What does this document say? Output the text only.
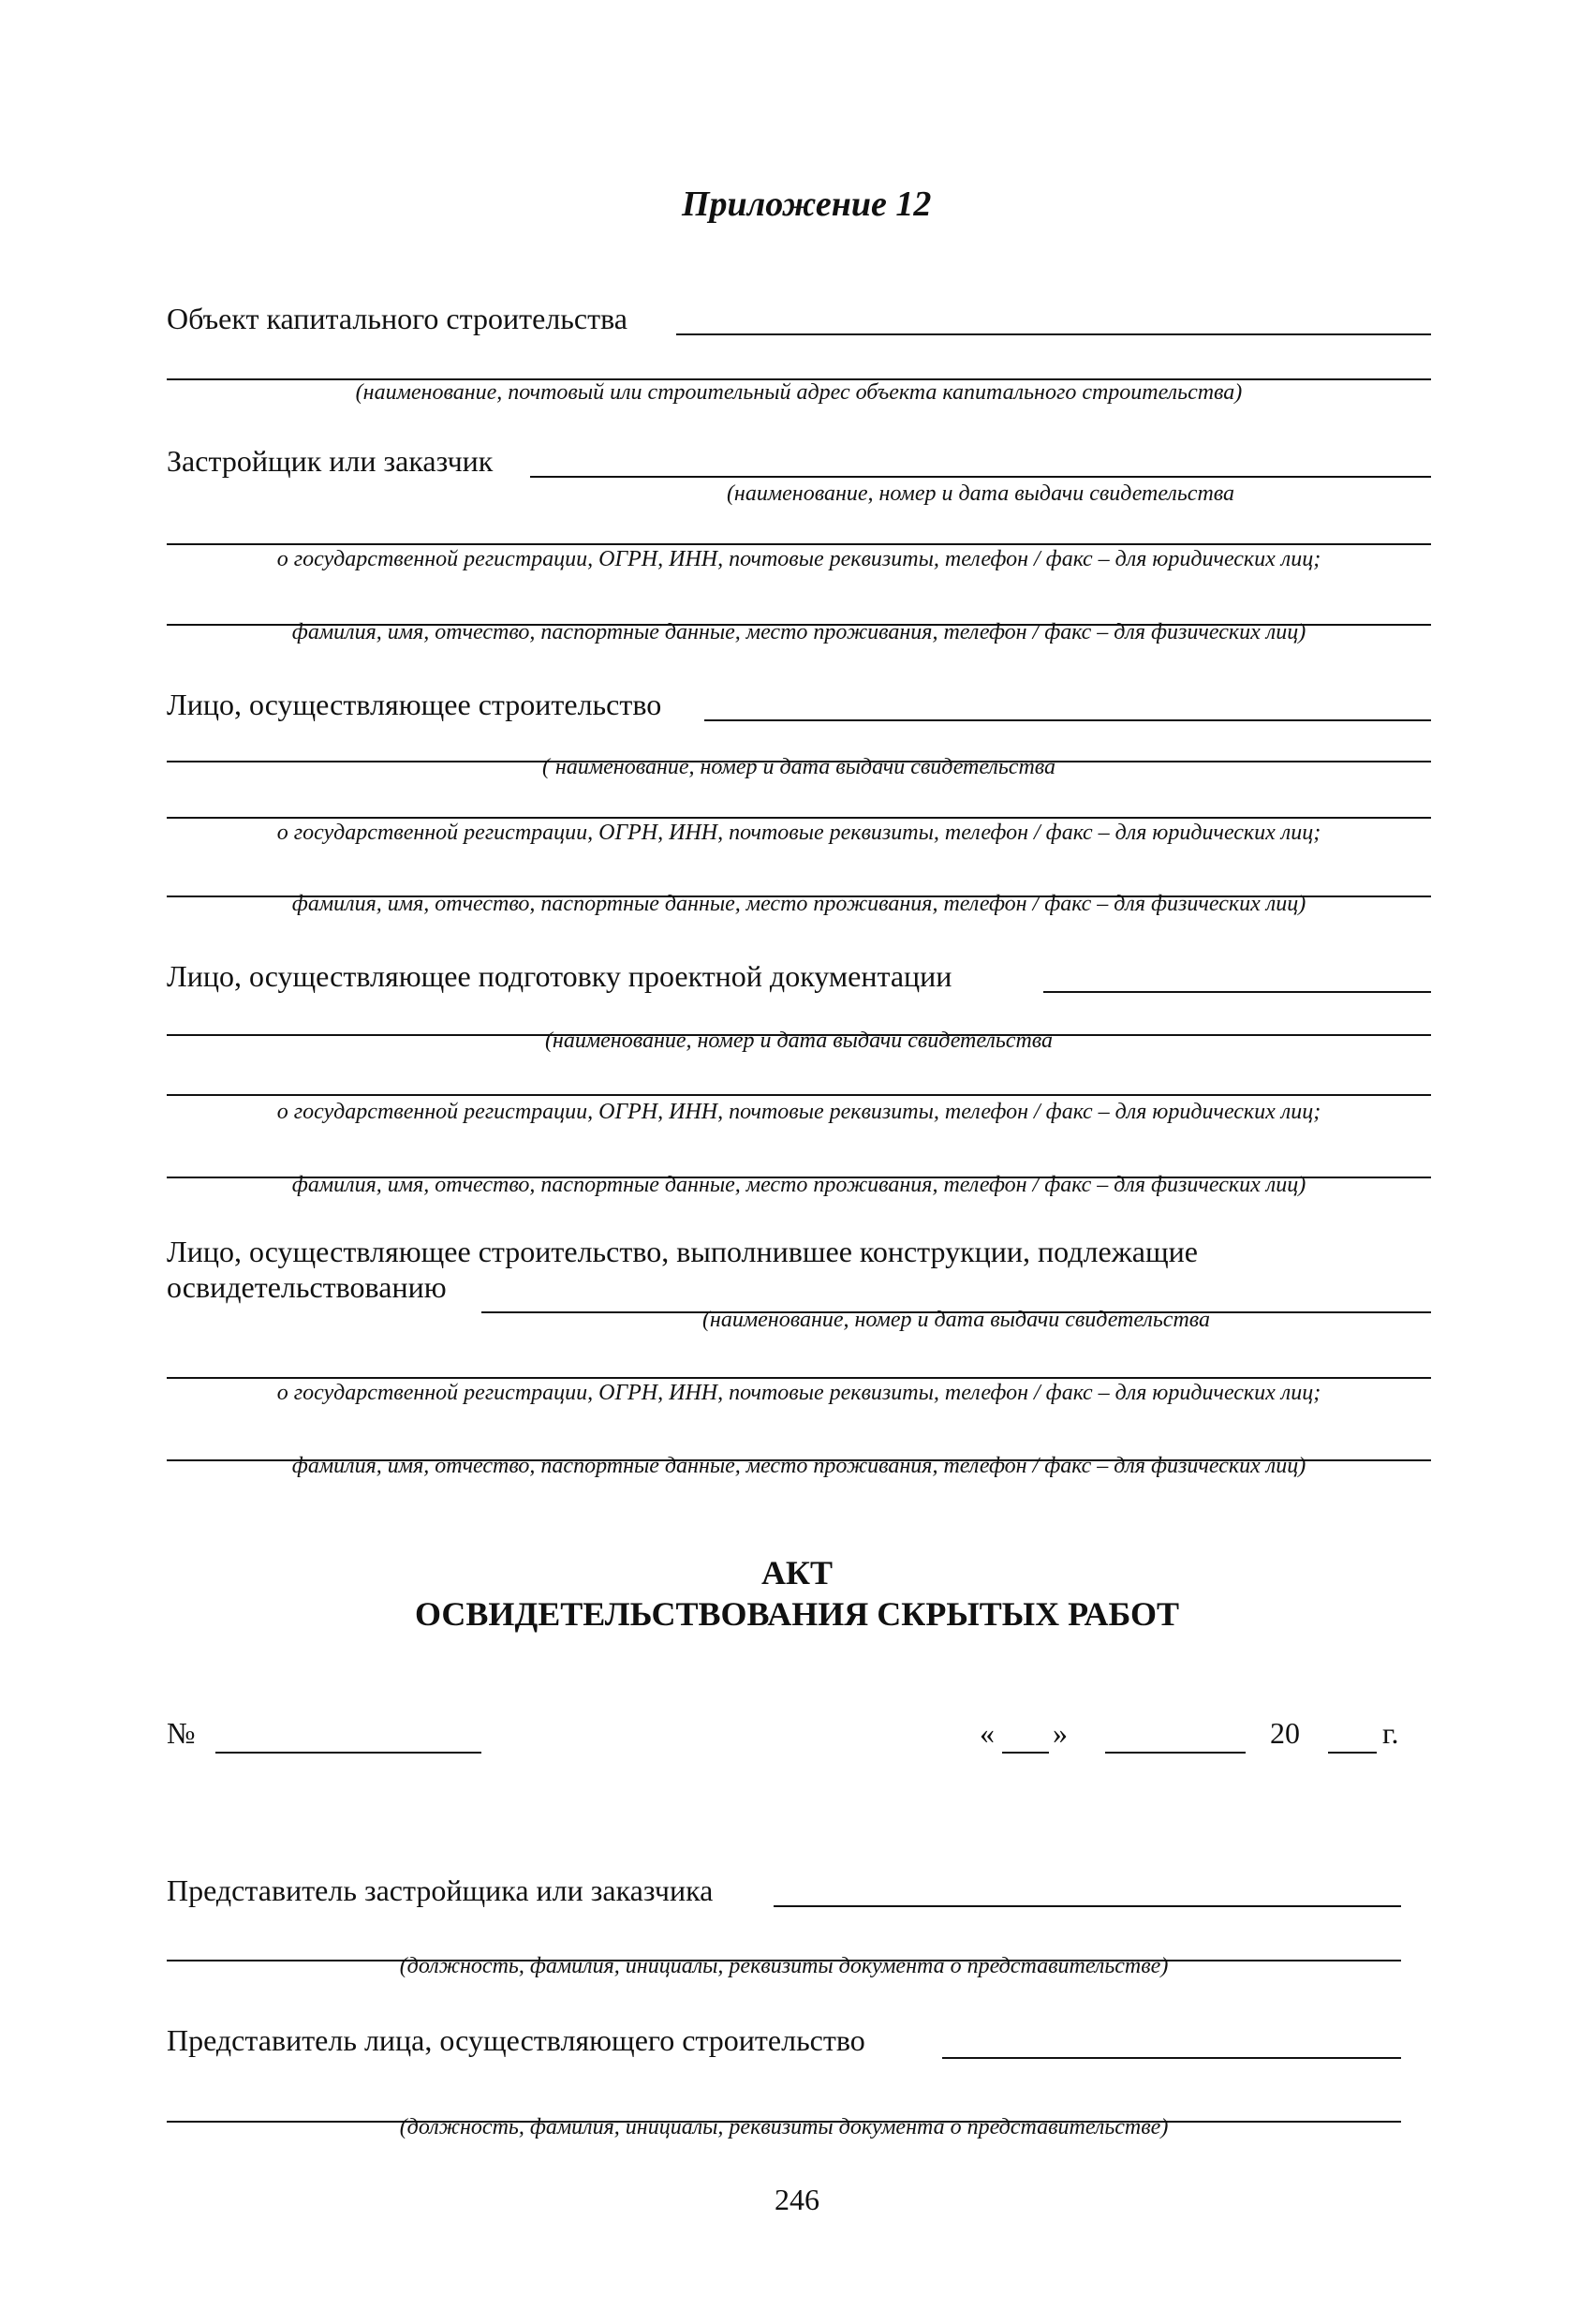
Приложение 12
Объект капитального строительства
(наименование, почтовый или строительный адрес объекта капитального строительства)
Застройщик или заказчик
(наименование, номер и дата выдачи свидетельства
о государственной регистрации, ОГРН, ИНН, почтовые реквизиты, телефон / факс – для юридических лиц;
фамилия, имя, отчество, паспортные данные, место проживания, телефон / факс – для физических лиц)
Лицо, осуществляющее строительство
( наименование, номер и дата выдачи свидетельства
о государственной регистрации, ОГРН, ИНН, почтовые реквизиты, телефон / факс – для юридических лиц;
фамилия, имя, отчество, паспортные данные, место проживания, телефон / факс – для физических лиц)
Лицо, осуществляющее подготовку проектной документации
(наименование, номер и дата выдачи свидетельства
о государственной регистрации, ОГРН, ИНН, почтовые реквизиты, телефон / факс – для юридических лиц;
фамилия, имя, отчество, паспортные данные, место проживания, телефон / факс – для физических лиц)
Лицо, осуществляющее строительство, выполнившее конструкции, подлежащие
освидетельствованию
(наименование, номер и дата выдачи свидетельства
о государственной регистрации, ОГРН, ИНН, почтовые реквизиты, телефон / факс – для юридических лиц;
фамилия, имя, отчество, паспортные данные, место проживания, телефон / факс – для физических лиц)
АКТ
ОСВИДЕТЕЛЬСТВОВАНИЯ СКРЫТЫХ РАБОТ
№	« »	20	г.
Представитель застройщика или заказчика
(должность, фамилия, инициалы, реквизиты документа о представительстве)
Представитель лица, осуществляющего строительство
(должность, фамилия, инициалы, реквизиты документа о представительстве)
246
